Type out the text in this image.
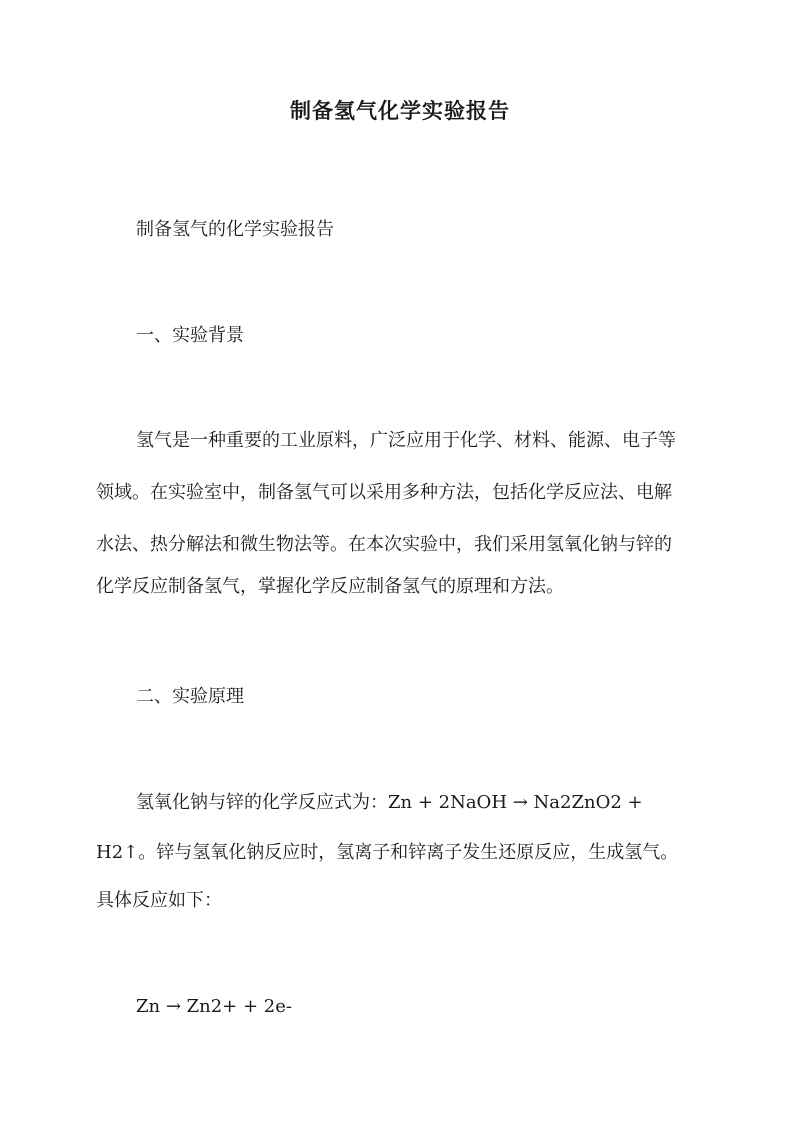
制备氢气化学实验报告
制备氢气的化学实验报告
一、实验背景
氢气是一种重要的工业原料，广泛应用于化学、材料、能源、电子等
领域。在实验室中，制备氢气可以采用多种方法，包括化学反应法、电解
水法、热分解法和微生物法等。在本次实验中，我们采用氢氧化钠与锌的
化学反应制备氢气，掌握化学反应制备氢气的原理和方法。
二、实验原理
氢氧化钠与锌的化学反应式为：Zn + 2NaOH → Na2ZnO2 +
H2↑。锌与氢氧化钠反应时，氢离子和锌离子发生还原反应，生成氢气。
具体反应如下：
Zn → Zn2+ + 2e-
